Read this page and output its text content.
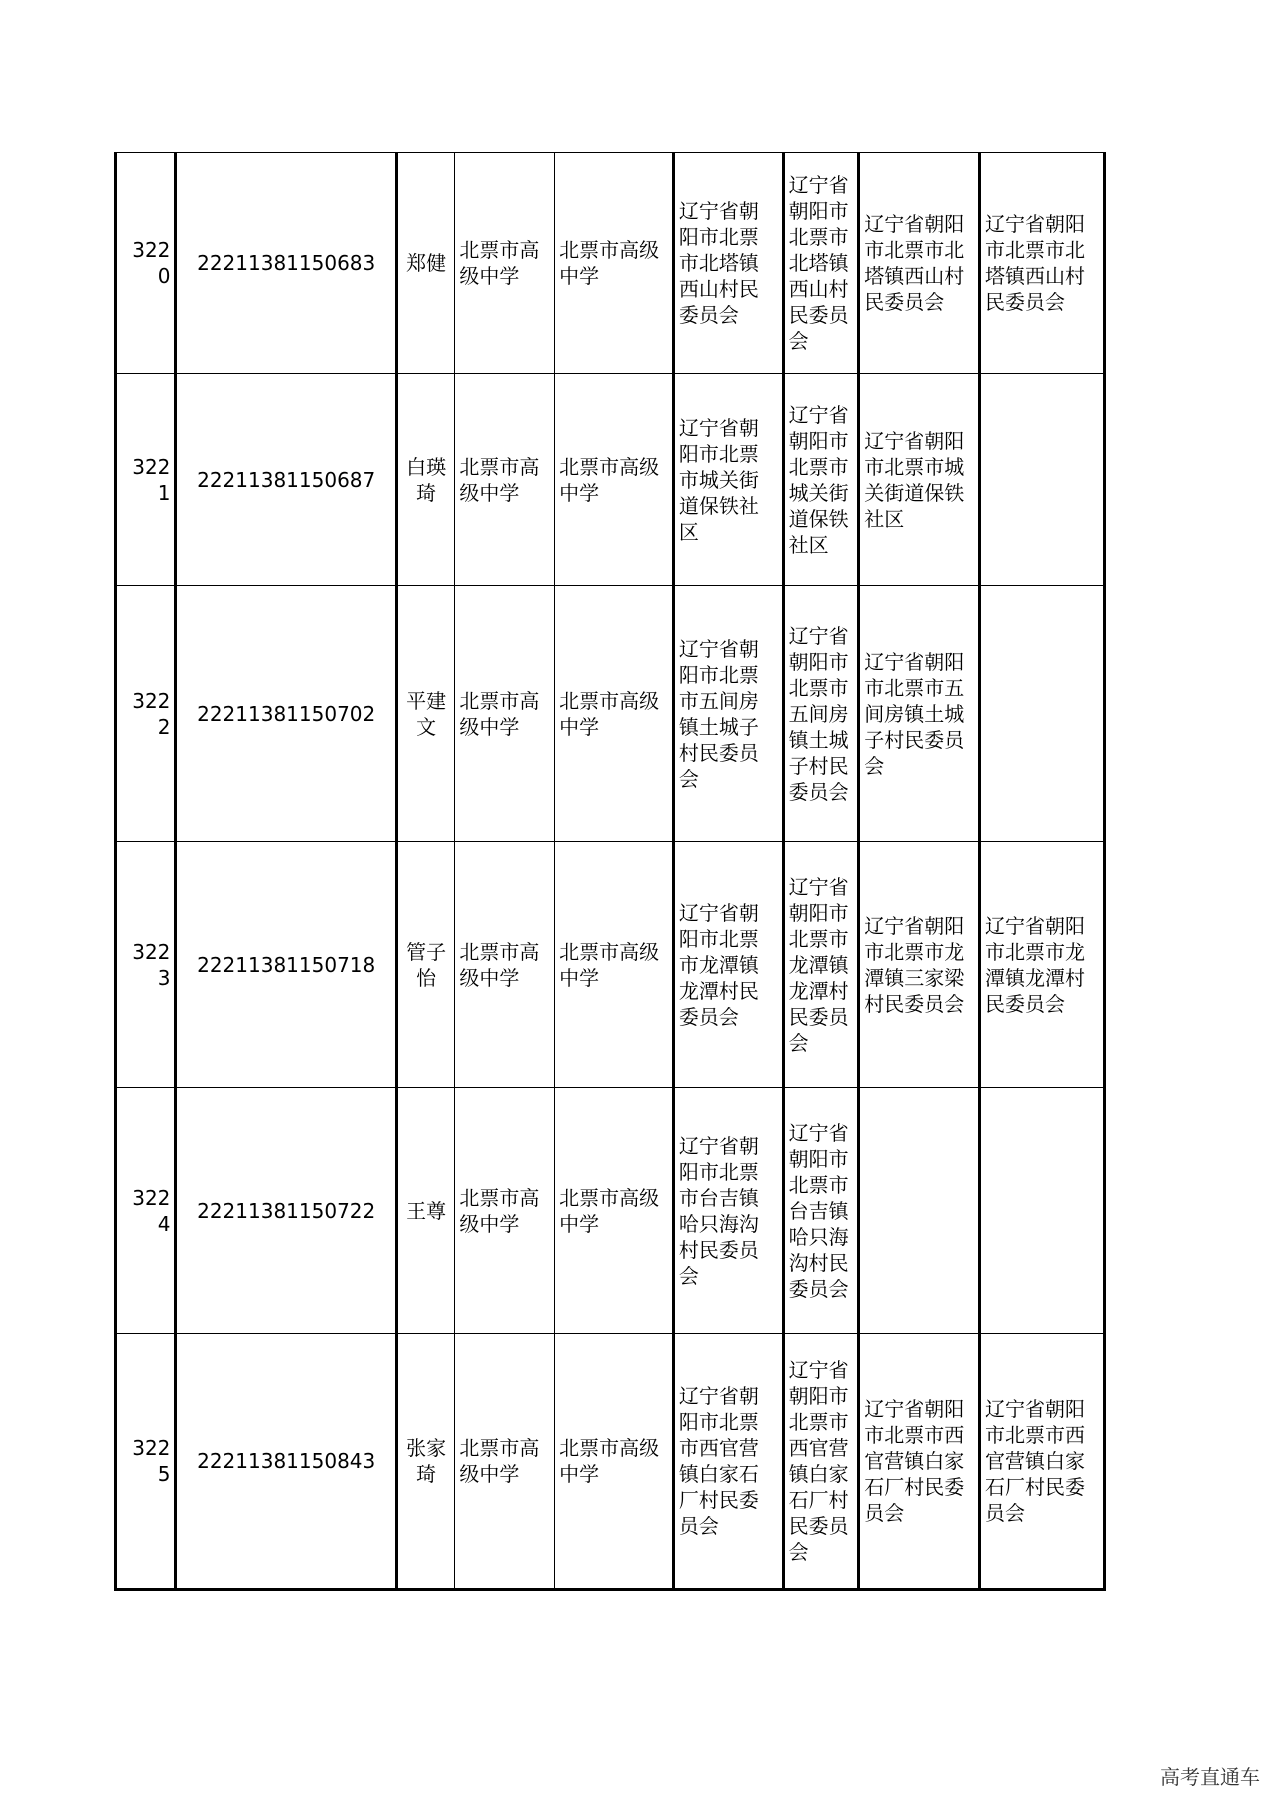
3220	22211381150683	郑健	北票市高级中学	北票市高级中学	辽宁省朝阳市北票市北塔镇西山村民委员会	辽宁省朝阳市北票市北塔镇西山村民委员会	辽宁省朝阳市北票市北塔镇西山村民委员会	辽宁省朝阳市北票市北塔镇西山村民委员会
3221	22211381150687	白瑛琦	北票市高级中学	北票市高级中学	辽宁省朝阳市北票市城关街道保铁社区	辽宁省朝阳市北票市城关街道保铁社区	辽宁省朝阳市北票市城关街道保铁社区	
3222	22211381150702	平建文	北票市高级中学	北票市高级中学	辽宁省朝阳市北票市五间房镇土城子村民委员会	辽宁省朝阳市北票市五间房镇土城子村民委员会	辽宁省朝阳市北票市五间房镇土城子村民委员会	
3223	22211381150718	管子怡	北票市高级中学	北票市高级中学	辽宁省朝阳市北票市龙潭镇龙潭村民委员会	辽宁省朝阳市北票市龙潭镇龙潭村民委员会	辽宁省朝阳市北票市龙潭镇三家梁村民委员会	辽宁省朝阳市北票市龙潭镇龙潭村民委员会
3224	22211381150722	王尊	北票市高级中学	北票市高级中学	辽宁省朝阳市北票市台吉镇哈只海沟村民委员会	辽宁省朝阳市北票市台吉镇哈只海沟村民委员会		
3225	22211381150843	张家琦	北票市高级中学	北票市高级中学	辽宁省朝阳市北票市西官营镇白家石厂村民委员会	辽宁省朝阳市北票市西官营镇白家石厂村民委员会	辽宁省朝阳市北票市西官营镇白家石厂村民委员会	辽宁省朝阳市北票市西官营镇白家石厂村民委员会
高考直通车
